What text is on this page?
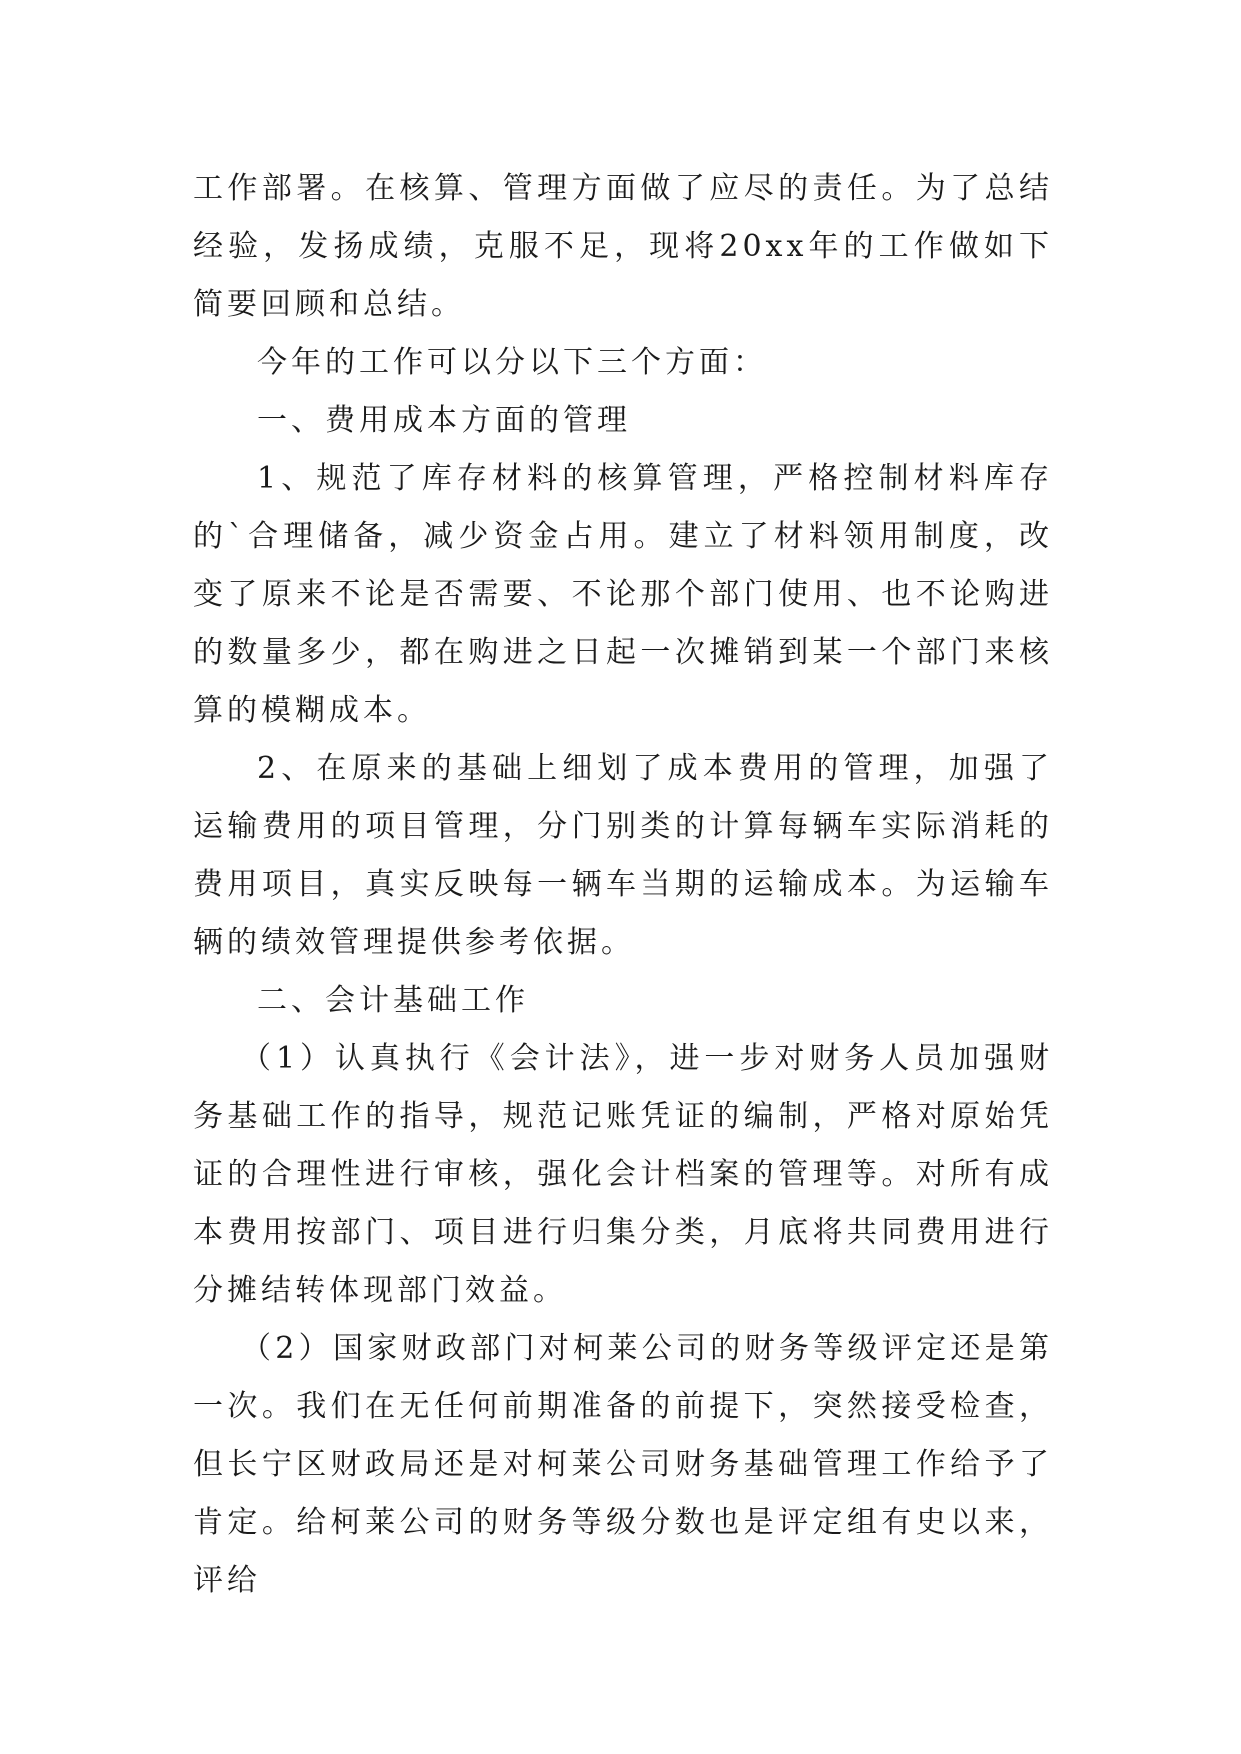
工作部署。在核算、管理方面做了应尽的责任。为了总结经验，发扬成绩，克服不足，现将20xx年的工作做如下简要回顾和总结。

今年的工作可以分以下三个方面：

一、费用成本方面的管理

1、规范了库存材料的核算管理，严格控制材料库存的`合理储备，减少资金占用。建立了材料领用制度，改变了原来不论是否需要、不论那个部门使用、也不论购进的数量多少，都在购进之日起一次摊销到某一个部门来核算的模糊成本。

2、在原来的基础上细划了成本费用的管理，加强了运输费用的项目管理，分门别类的计算每辆车实际消耗的费用项目，真实反映每一辆车当期的运输成本。为运输车辆的绩效管理提供参考依据。

二、会计基础工作

（1）认真执行《会计法》，进一步对财务人员加强财务基础工作的指导，规范记账凭证的编制，严格对原始凭证的合理性进行审核，强化会计档案的管理等。对所有成本费用按部门、项目进行归集分类，月底将共同费用进行分摊结转体现部门效益。

（2）国家财政部门对柯莱公司的财务等级评定还是第一次。我们在无任何前期准备的前提下，突然接受检查，但长宁区财政局还是对柯莱公司财务基础管理工作给予了肯定。给柯莱公司的财务等级分数也是评定组有史以来，评给
